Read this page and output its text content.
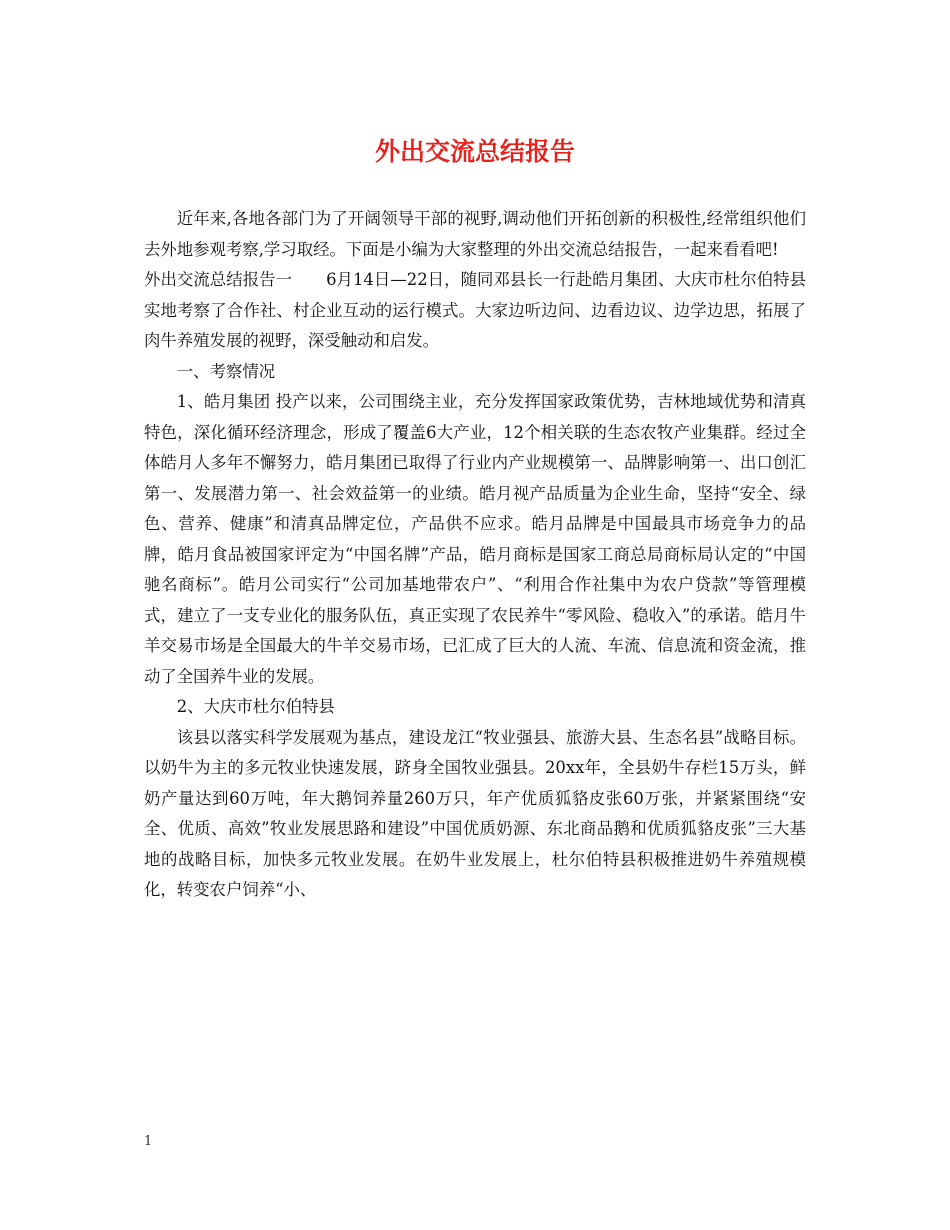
外出交流总结报告

近年来,各地各部门为了开阔领导干部的视野,调动他们开拓创新的积极性,经常组织他们去外地参观考察,学习取经。下面是小编为大家整理的外出交流总结报告，一起来看看吧!

外出交流总结报告一 6月14日—22日，随同邓县长一行赴皓月集团、大庆市杜尔伯特县实地考察了合作社、村企业互动的运行模式。大家边听边问、边看边议、边学边思，拓展了肉牛养殖发展的视野，深受触动和启发。

一、考察情况

1、皓月集团 投产以来，公司围绕主业，充分发挥国家政策优势，吉林地域优势和清真特色，深化循环经济理念，形成了覆盖6大产业，12个相关联的生态农牧产业集群。经过全体皓月人多年不懈努力，皓月集团已取得了行业内产业规模第一、品牌影响第一、出口创汇第一、发展潜力第一、社会效益第一的业绩。皓月视产品质量为企业生命，坚持“安全、绿色、营养、健康”和清真品牌定位，产品供不应求。皓月品牌是中国最具市场竞争力的品牌，皓月食品被国家评定为“中国名牌”产品，皓月商标是国家工商总局商标局认定的“中国驰名商标”。皓月公司实行“公司加基地带农户”、“利用合作社集中为农户贷款”等管理模式，建立了一支专业化的服务队伍，真正实现了农民养牛“零风险、稳收入”的承诺。皓月牛羊交易市场是全国最大的牛羊交易市场，已汇成了巨大的人流、车流、信息流和资金流，推动了全国养牛业的发展。

2、大庆市杜尔伯特县

该县以落实科学发展观为基点，建设龙江“牧业强县、旅游大县、生态名县”战略目标。以奶牛为主的多元牧业快速发展，跻身全国牧业强县。20xx年，全县奶牛存栏15万头，鲜奶产量达到60万吨，年大鹅饲养量260万只，年产优质狐貉皮张60万张，并紧紧围绕“安全、优质、高效”牧业发展思路和建设”中国优质奶源、东北商品鹅和优质狐貉皮张”三大基地的战略目标，加快多元牧业发展。在奶牛业发展上，杜尔伯特县积极推进奶牛养殖规模化，转变农户饲养“小、

1
